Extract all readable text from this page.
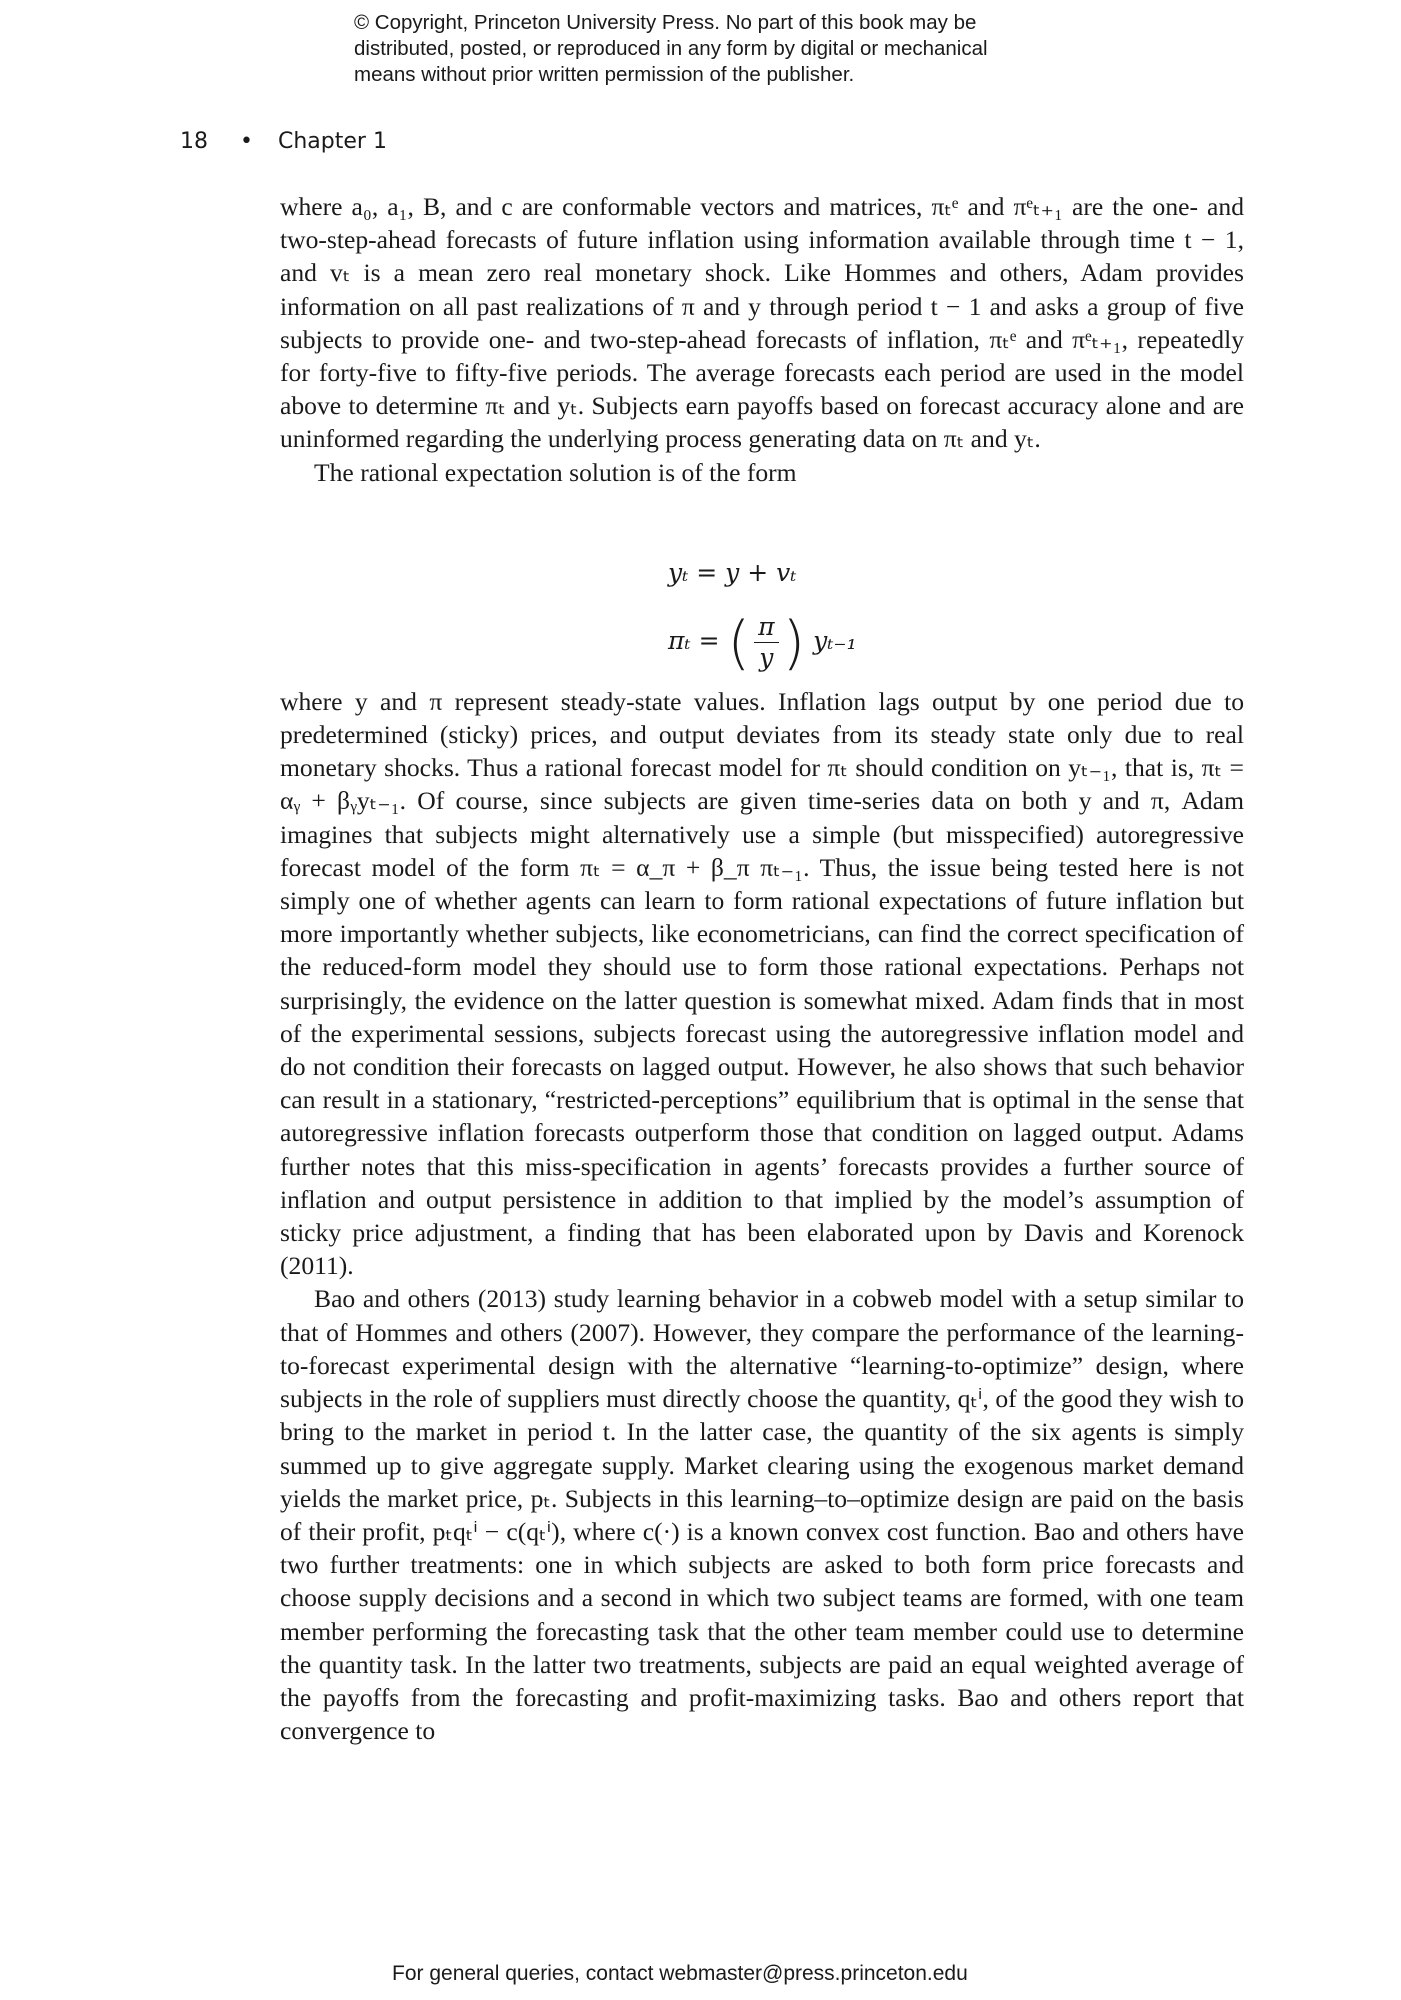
© Copyright, Princeton University Press. No part of this book may be
distributed, posted, or reproduced in any form by digital or mechanical
means without prior written permission of the publisher.
18 • Chapter 1

where a₀, a₁, B, and c are conformable vectors and matrices, πₜᵉ and πᵉₜ₊₁ are the one- and two-step-ahead forecasts of future inflation using information available through time t − 1, and vₜ is a mean zero real monetary shock. Like Hommes and others, Adam provides information on all past realizations of π and y through period t − 1 and asks a group of five subjects to provide one- and two-step-ahead forecasts of inflation, πₜᵉ and πᵉₜ₊₁, repeatedly for forty-five to fifty-five periods. The average forecasts each period are used in the model above to determine πₜ and yₜ. Subjects earn payoffs based on forecast accuracy alone and are uninformed regarding the underlying process generating data on πₜ and yₜ.

The rational expectation solution is of the form

where y and π represent steady-state values. Inflation lags output by one period due to predetermined (sticky) prices, and output deviates from its steady state only due to real monetary shocks. Thus a rational forecast model for πₜ should condition on yₜ₋₁, that is, πₜ = αᵧ + βᵧyₜ₋₁. Of course, since subjects are given time-series data on both y and π, Adam imagines that subjects might alternatively use a simple (but misspecified) autoregressive forecast model of the form πₜ = α_π + β_π πₜ₋₁. Thus, the issue being tested here is not simply one of whether agents can learn to form rational expectations of future inflation but more importantly whether subjects, like econometricians, can find the correct specification of the reduced-form model they should use to form those rational expectations. Perhaps not surprisingly, the evidence on the latter question is somewhat mixed. Adam finds that in most of the experimental sessions, subjects forecast using the autoregressive inflation model and do not condition their forecasts on lagged output. However, he also shows that such behavior can result in a stationary, “restricted-perceptions” equilibrium that is optimal in the sense that autoregressive inflation forecasts outperform those that condition on lagged output. Adams further notes that this miss-specification in agents’ forecasts provides a further source of inflation and output persistence in addition to that implied by the model’s assumption of sticky price adjustment, a finding that has been elaborated upon by Davis and Korenock (2011).

Bao and others (2013) study learning behavior in a cobweb model with a setup similar to that of Hommes and others (2007). However, they compare the performance of the learning-to-forecast experimental design with the alternative “learning-to-optimize” design, where subjects in the role of suppliers must directly choose the quantity, qₜⁱ, of the good they wish to bring to the market in period t. In the latter case, the quantity of the six agents is simply summed up to give aggregate supply. Market clearing using the exogenous market demand yields the market price, pₜ. Subjects in this learning–to–optimize design are paid on the basis of their profit, pₜqₜⁱ − c(qₜⁱ), where c(·) is a known convex cost function. Bao and others have two further treatments: one in which subjects are asked to both form price forecasts and choose supply decisions and a second in which two subject teams are formed, with one team member performing the forecasting task that the other team member could use to determine the quantity task. In the latter two treatments, subjects are paid an equal weighted average of the payoffs from the forecasting and profit-maximizing tasks. Bao and others report that convergence to

yₜ = y + vₜ
πₜ = ( $\frac{\pi}{y}$ ) yₜ₋₁
For general queries, contact webmaster@press.princeton.edu
